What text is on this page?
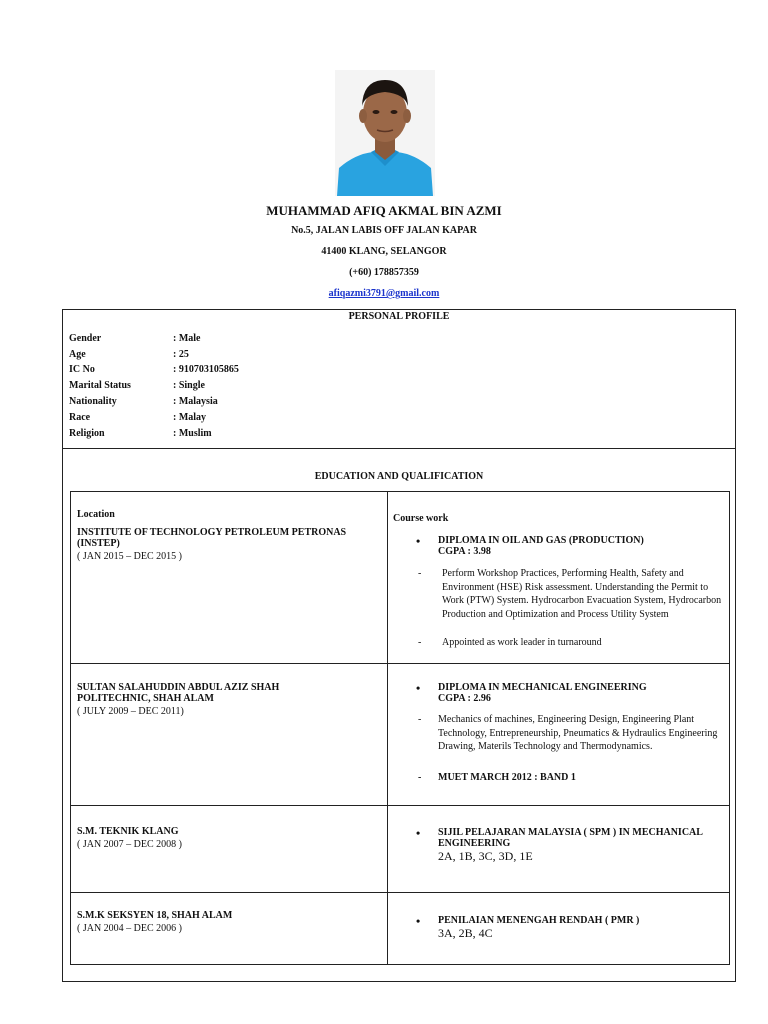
MUHAMMAD AFIQ AKMAL BIN AZMI
No.5, JALAN LABIS OFF JALAN KAPAR
41400 KLANG, SELANGOR
(+60) 178857359
afiqazmi3791@gmail.com
PERSONAL PROFILE
Gender	: Male
Age	: 25
IC No	: 910703105865
Marital Status	: Single
Nationality	: Malaysia
Race	: Malay
Religion	: Muslim
EDUCATION AND QUALIFICATION
Location
INSTITUTE OF TECHNOLOGY PETROLEUM PETRONAS (INSTEP)
( JAN 2015 – DEC 2015 )
Course work
• DIPLOMA IN OIL AND GAS (PRODUCTION)
CGPA : 3.98
- Perform Workshop Practices, Performing Health, Safety and Environment (HSE) Risk assessment. Understanding the Permit to Work (PTW) System. Hydrocarbon Evacuation System, Hydrocarbon Production and Optimization and Process Utility System
- Appointed as work leader in turnaround
SULTAN SALAHUDDIN ABDUL AZIZ SHAH POLITECHNIC, SHAH ALAM
( JULY 2009 – DEC 2011)
• DIPLOMA IN MECHANICAL ENGINEERING
CGPA : 2.96
- Mechanics of machines, Engineering Design, Engineering Plant Technology, Entrepreneurship, Pneumatics & Hydraulics Engineering Drawing, Materils Technology and Thermodynamics.
- MUET MARCH 2012 : BAND 1
S.M. TEKNIK KLANG
( JAN 2007 – DEC 2008 )
• SIJIL PELAJARAN MALAYSIA ( SPM ) IN MECHANICAL ENGINEERING
2A, 1B, 3C, 3D, 1E
S.M.K SEKSYEN 18, SHAH ALAM
( JAN 2004 – DEC 2006 )
• PENILAIAN MENENGAH RENDAH ( PMR )
3A, 2B, 4C
